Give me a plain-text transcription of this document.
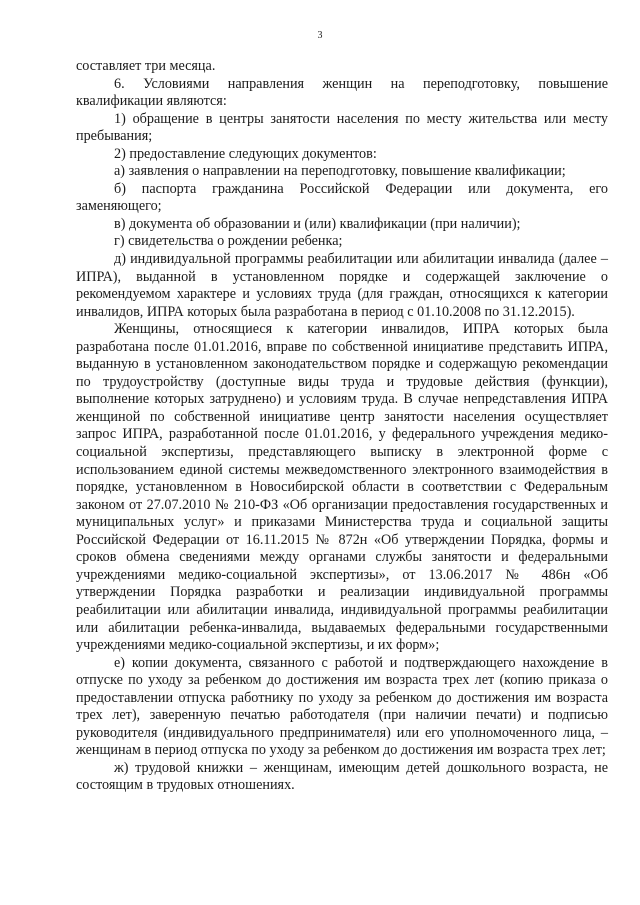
3

составляет три месяца.

6. Условиями направления женщин на переподготовку, повышение квалификации являются:

1) обращение в центры занятости населения по месту жительства или месту пребывания;

2) предоставление следующих документов:

а) заявления о направлении на переподготовку, повышение квалификации;

б) паспорта гражданина Российской Федерации или документа, его заменяющего;

в) документа об образовании и (или) квалификации (при наличии);

г) свидетельства о рождении ребенка;

д) индивидуальной программы реабилитации или абилитации инвалида (далее – ИПРА), выданной в установленном порядке и содержащей заключение о рекомендуемом характере и условиях труда (для граждан, относящихся к категории инвалидов, ИПРА которых была разработана в период с 01.10.2008 по 31.12.2015).

Женщины, относящиеся к категории инвалидов, ИПРА которых была разработана после 01.01.2016, вправе по собственной инициативе представить ИПРА, выданную в установленном законодательством порядке и содержащую рекомендации по трудоустройству (доступные виды труда и трудовые действия (функции), выполнение которых затруднено) и условиям труда. В случае непредставления ИПРА женщиной по собственной инициативе центр занятости населения осуществляет запрос ИПРА, разработанной после 01.01.2016, у федерального учреждения медико-социальной экспертизы, представляющего выписку в электронной форме с использованием единой системы межведомственного электронного взаимодействия в порядке, установленном в Новосибирской области в соответствии с Федеральным законом от 27.07.2010 № 210-ФЗ «Об организации предоставления государственных и муниципальных услуг» и приказами Министерства труда и социальной защиты Российской Федерации от 16.11.2015 № 872н «Об утверждении Порядка, формы и сроков обмена сведениями между органами службы занятости и федеральными учреждениями медико-социальной экспертизы», от 13.06.2017 № 486н «Об утверждении Порядка разработки и реализации индивидуальной программы реабилитации или абилитации инвалида, индивидуальной программы реабилитации или абилитации ребенка-инвалида, выдаваемых федеральными государственными учреждениями медико-социальной экспертизы, и их форм»;

е) копии документа, связанного с работой и подтверждающего нахождение в отпуске по уходу за ребенком до достижения им возраста трех лет (копию приказа о предоставлении отпуска работнику по уходу за ребенком до достижения им возраста трех лет), заверенную печатью работодателя (при наличии печати) и подписью руководителя (индивидуального предпринимателя) или его уполномоченного лица, – женщинам в период отпуска по уходу за ребенком до достижения им возраста трех лет;

ж) трудовой книжки – женщинам, имеющим детей дошкольного возраста, не состоящим в трудовых отношениях.
